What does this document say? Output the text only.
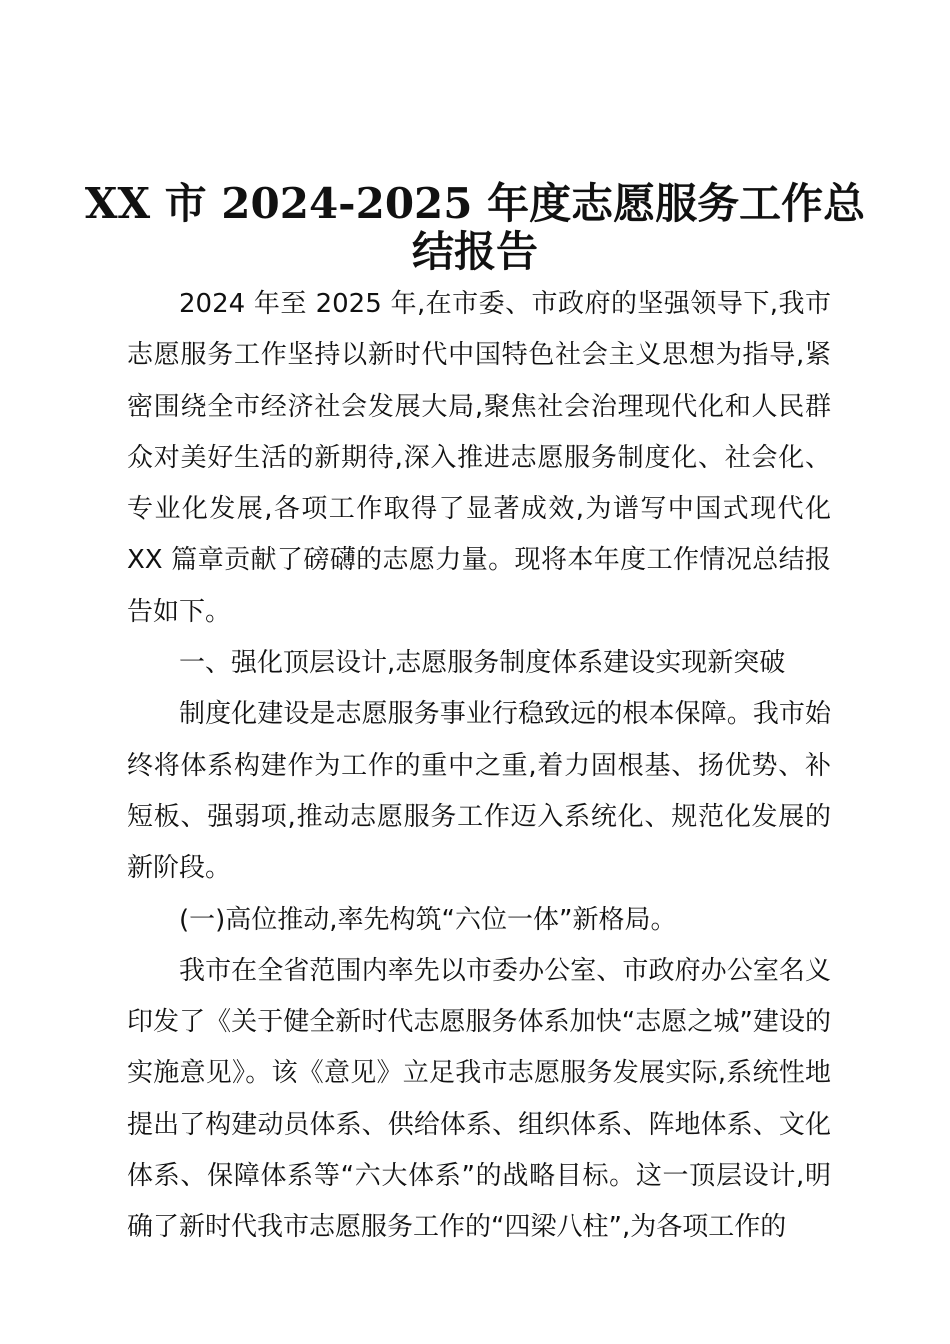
XX 市 2024-2025 年度志愿服务工作总
结报告

2024 年至 2025 年,在市委、市政府的坚强领导下,我市志愿服务工作坚持以新时代中国特色社会主义思想为指导,紧密围绕全市经济社会发展大局,聚焦社会治理现代化和人民群众对美好生活的新期待,深入推进志愿服务制度化、社会化、专业化发展,各项工作取得了显著成效,为谱写中国式现代化 XX 篇章贡献了磅礴的志愿力量。现将本年度工作情况总结报告如下。

一、强化顶层设计,志愿服务制度体系建设实现新突破

制度化建设是志愿服务事业行稳致远的根本保障。我市始终将体系构建作为工作的重中之重,着力固根基、扬优势、补短板、强弱项,推动志愿服务工作迈入系统化、规范化发展的新阶段。

(一)高位推动,率先构筑“六位一体”新格局。

我市在全省范围内率先以市委办公室、市政府办公室名义印发了《关于健全新时代志愿服务体系加快“志愿之城”建设的实施意见》。该《意见》立足我市志愿服务发展实际,系统性地提出了构建动员体系、供给体系、组织体系、阵地体系、文化体系、保障体系等“六大体系”的战略目标。这一顶层设计,明确了新时代我市志愿服务工作的“四梁八柱”,为各项工作的
